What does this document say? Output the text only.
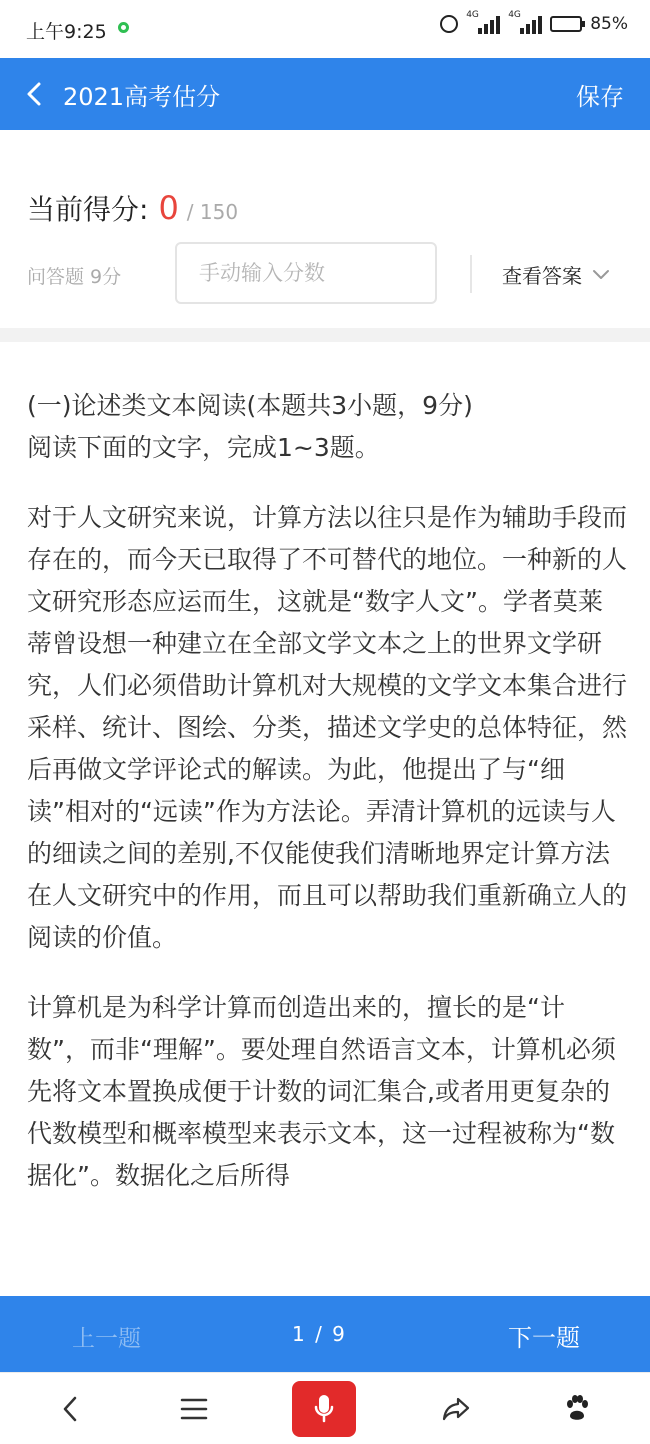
上午9:25
4G	4G	85%
2021高考估分	保存
当前得分: 0 / 150
问答题 9分
手动输入分数	查看答案

(一)论述类文本阅读(本题共3小题，9分)

阅读下面的文字，完成1~3题。

对于人文研究来说，计算方法以往只是作为辅助手段而存在的，而今天已取得了不可替代的地位。一种新的人文研究形态应运而生，这就是“数字人文”。学者莫莱蒂曾设想一种建立在全部文学文本之上的世界文学研究，人们必须借助计算机对大规模的文学文本集合进行采样、统计、图绘、分类，描述文学史的总体特征，然后再做文学评论式的解读。为此，他提出了与“细读”相对的“远读”作为方法论。弄清计算机的远读与人的细读之间的差别,不仅能使我们清晰地界定计算方法在人文研究中的作用，而且可以帮助我们重新确立人的阅读的价值。

计算机是为科学计算而创造出来的，擅长的是“计数”，而非“理解”。要处理自然语言文本，计算机必须先将文本置换成便于计数的词汇集合,或者用更复杂的代数模型和概率模型来表示文本，这一过程被称为“数据化”。数据化之后所得

上一题	1 / 9	下一题
